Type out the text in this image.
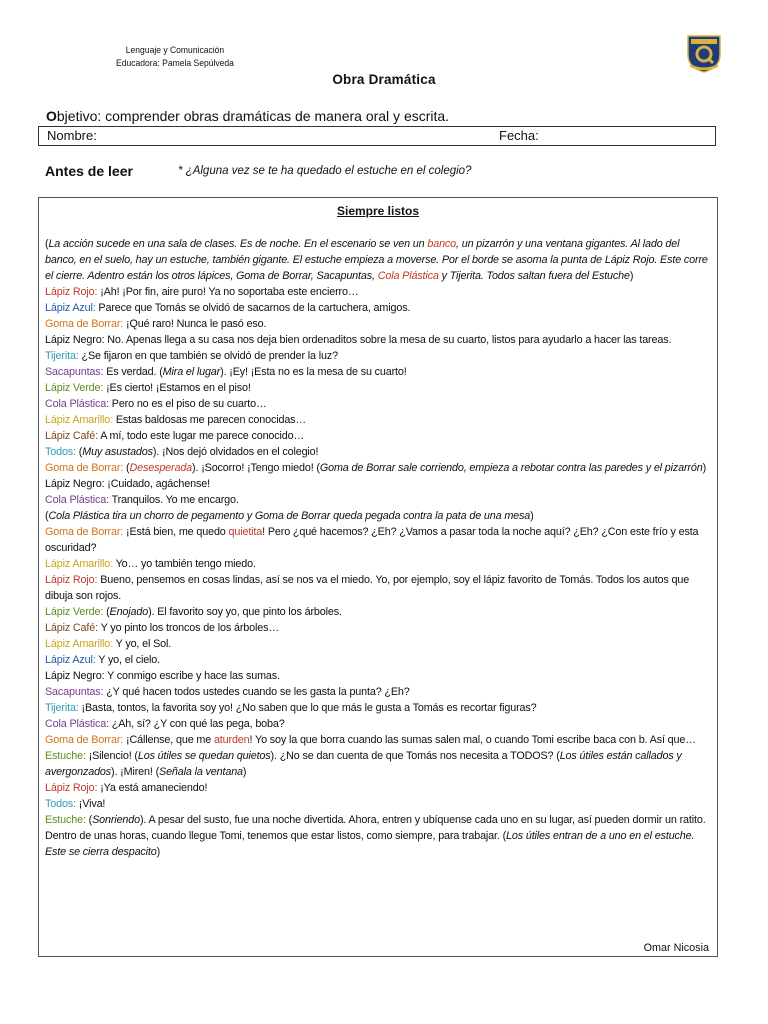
Lenguaje y Comunicación
Educadora: Pamela Sepúlveda
Obra Dramática
Objetivo: comprender obras dramáticas de manera oral y escrita.
Nombre:	Fecha:
Antes de leer	* ¿Alguna vez se te ha quedado el estuche en el colegio?
Siempre listos

(La acción sucede en una sala de clases. Es de noche. En el escenario se ven un banco, un pizarrón y una ventana gigantes. Al lado del banco, en el suelo, hay un estuche, también gigante. El estuche empieza a moverse. Por el borde se asoma la punta de Lápiz Rojo. Este corre el cierre. Adentro están los otros lápices, Goma de Borrar, Sacapuntas, Cola Plástica y Tijerita. Todos saltan fuera del Estuche)

Lápiz Rojo: ¡Ah! ¡Por fin, aire puro! Ya no soportaba este encierro…

Lápiz Azul: Parece que Tomás se olvidó de sacarnos de la cartuchera, amigos.

Goma de Borrar: ¡Qué raro! Nunca le pasó eso.

Lápiz Negro: No. Apenas llega a su casa nos deja bien ordenaditos sobre la mesa de su cuarto, listos para ayudarlo a hacer las tareas.

Tijerita: ¿Se fijaron en que también se olvidó de prender la luz?

Sacapuntas: Es verdad. (Mira el lugar). ¡Ey! ¡Esta no es la mesa de su cuarto!

Lápiz Verde: ¡Es cierto! ¡Estamos en el piso!

Cola Plástica: Pero no es el piso de su cuarto…

Lápiz Amarillo: Estas baldosas me parecen conocidas…

Lápiz Café: A mí, todo este lugar me parece conocido…

Todos: (Muy asustados). ¡Nos dejó olvidados en el colegio!

Goma de Borrar: (Desesperada). ¡Socorro! ¡Tengo miedo! (Goma de Borrar sale corriendo, empieza a rebotar contra las paredes y el pizarrón)

Lápiz Negro: ¡Cuidado, agáchense!

Cola Plástica: Tranquilos. Yo me encargo.

(Cola Plástica tira un chorro de pegamento y Goma de Borrar queda pegada contra la pata de una mesa)

Goma de Borrar: ¡Está bien, me quedo quietita! Pero ¿qué hacemos? ¿Eh? ¿Vamos a pasar toda la noche aquí? ¿Eh? ¿Con este frío y esta oscuridad?

Lápiz Amarillo: Yo… yo también tengo miedo.

Lápiz Rojo: Bueno, pensemos en cosas lindas, así se nos va el miedo. Yo, por ejemplo, soy el lápiz favorito de Tomás. Todos los autos que dibuja son rojos.

Lápiz Verde: (Enojado). El favorito soy yo, que pinto los árboles.

Lápiz Café: Y yo pinto los troncos de los árboles…

Lápiz Amarillo: Y yo, el Sol.

Lápiz Azul: Y yo, el cielo.

Lápiz Negro: Y conmigo escribe y hace las sumas.

Sacapuntas: ¿Y qué hacen todos ustedes cuando se les gasta la punta? ¿Eh?

Tijerita: ¡Basta, tontos, la favorita soy yo! ¿No saben que lo que más le gusta a Tomás es recortar figuras?

Cola Plástica: ¿Ah, sí? ¿Y con qué las pega, boba?

Goma de Borrar: ¡Cállense, que me aturden! Yo soy la que borra cuando las sumas salen mal, o cuando Tomi escribe baca con b. Así que…

Estuche: ¡Silencio! (Los útiles se quedan quietos). ¿No se dan cuenta de que Tomás nos necesita a TODOS? (Los útiles están callados y avergonzados). ¡Miren! (Señala la ventana)

Lápiz Rojo: ¡Ya está amaneciendo!

Todos: ¡Viva!

Estuche: (Sonriendo). A pesar del susto, fue una noche divertida. Ahora, entren y ubíquense cada uno en su lugar, así pueden dormir un ratito. Dentro de unas horas, cuando llegue Tomi, tenemos que estar listos, como siempre, para trabajar. (Los útiles entran de a uno en el estuche. Este se cierra despacito)

Omar Nicosia
